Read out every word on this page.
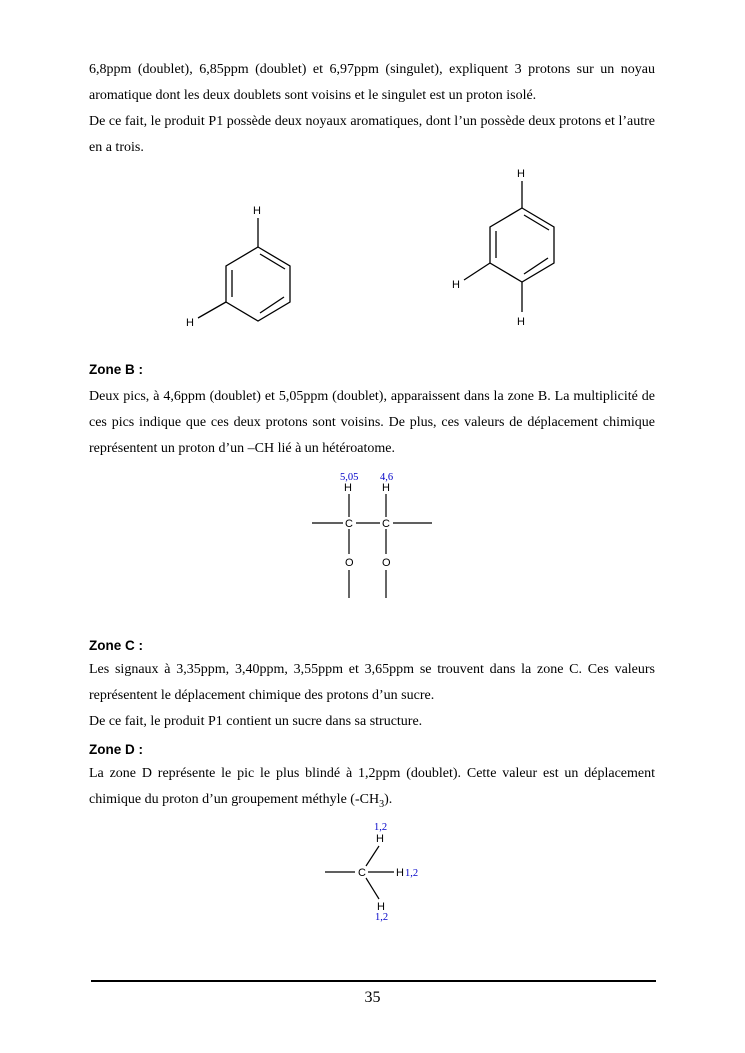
6,8ppm (doublet), 6,85ppm (doublet) et 6,97ppm (singulet), expliquent 3 protons sur un noyau aromatique dont les deux doublets sont voisins et le singulet est un proton isolé.
De ce fait, le produit P1 possède deux noyaux aromatiques, dont l’un possède deux protons et l’autre en a trois.

H
H
H
H
H

Zone B :

Deux pics, à 4,6ppm (doublet) et 5,05ppm (doublet), apparaissent dans la zone B. La multiplicité de ces pics indique que ces deux protons sont voisins. De plus, ces valeurs de déplacement chimique représentent un proton d’un –CH lié à un hétéroatome.

5,05 4,6
H	H
C	C
O	O

Zone C :

Les signaux à 3,35ppm, 3,40ppm, 3,55ppm et 3,65ppm se trouvent dans la zone C. Ces valeurs représentent le déplacement chimique des protons d’un sucre.
De ce fait, le produit P1 contient un sucre dans sa structure.

Zone D :

La zone D représente le pic le plus blindé à 1,2ppm (doublet). Cette valeur est un déplacement chimique du proton d’un groupement méthyle $(-CH_3)$.

1,2
H
C	H 1,2
H
1,2
35
